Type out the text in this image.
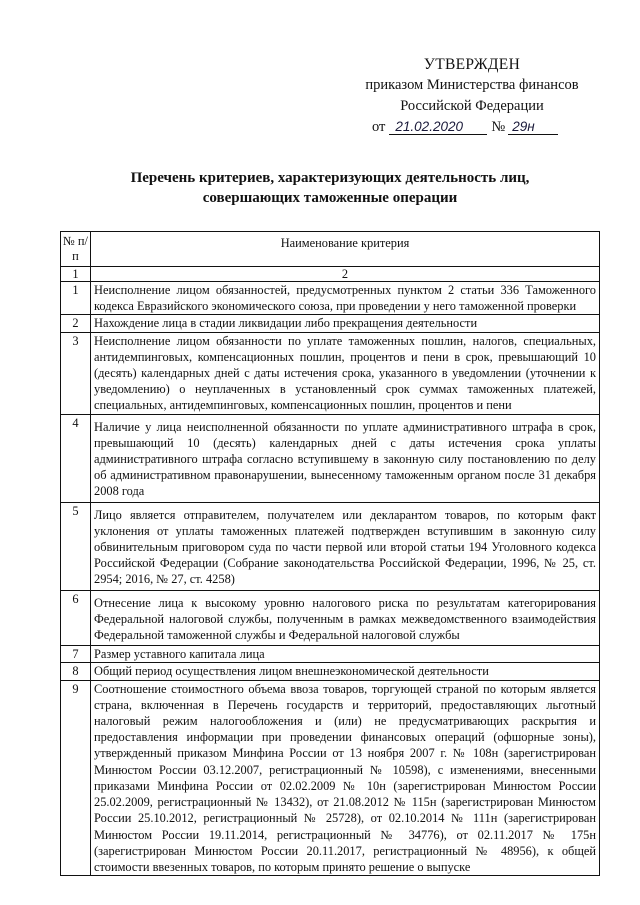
УТВЕРЖДЕН
приказом Министерства финансов
Российской Федерации
от 21.02.2020 № 29н
Перечень критериев, характеризующих деятельность лиц,
совершающих таможенные операции
№ п/п	Наименование критерия
1	2
1	Неисполнение лицом обязанностей, предусмотренных пунктом 2 статьи 336 Таможенного кодекса Евразийского экономического союза, при проведении у него таможенной проверки
2	Нахождение лица в стадии ликвидации либо прекращения деятельности
3	Неисполнение лицом обязанности по уплате таможенных пошлин, налогов, специальных, антидемпинговых, компенсационных пошлин, процентов и пени в срок, превышающий 10 (десять) календарных дней с даты истечения срока, указанного в уведомлении (уточнении к уведомлению) о неуплаченных в установленный срок суммах таможенных платежей, специальных, антидемпинговых, компенсационных пошлин, процентов и пени
4	Наличие у лица неисполненной обязанности по уплате административного штрафа в срок, превышающий 10 (десять) календарных дней с даты истечения срока уплаты административного штрафа согласно вступившему в законную силу постановлению по делу об административном правонарушении, вынесенному таможенным органом после 31 декабря 2008 года
5	Лицо является отправителем, получателем или декларантом товаров, по которым факт уклонения от уплаты таможенных платежей подтвержден вступившим в законную силу обвинительным приговором суда по части первой или второй статьи 194 Уголовного кодекса Российской Федерации (Собрание законодательства Российской Федерации, 1996, № 25, ст. 2954; 2016, № 27, ст. 4258)
6	Отнесение лица к высокому уровню налогового риска по результатам категорирования Федеральной налоговой службы, полученным в рамках межведомственного взаимодействия Федеральной таможенной службы и Федеральной налоговой службы
7	Размер уставного капитала лица
8	Общий период осуществления лицом внешнеэкономической деятельности
9	Соотношение стоимостного объема ввоза товаров, торгующей страной по которым является страна, включенная в Перечень государств и территорий, предоставляющих льготный налоговый режим налогообложения и (или) не предусматривающих раскрытия и предоставления информации при проведении финансовых операций (офшорные зоны), утвержденный приказом Минфина России от 13 ноября 2007 г. № 108н (зарегистрирован Минюстом России 03.12.2007, регистрационный № 10598), с изменениями, внесенными приказами Минфина России от 02.02.2009 № 10н (зарегистрирован Минюстом России 25.02.2009, регистрационный № 13432), от 21.08.2012 № 115н (зарегистрирован Минюстом России 25.10.2012, регистрационный № 25728), от 02.10.2014 № 111н (зарегистрирован Минюстом России 19.11.2014, регистрационный № 34776), от 02.11.2017 № 175н (зарегистрирован Минюстом России 20.11.2017, регистрационный № 48956), к общей стоимости ввезенных товаров, по которым принято решение о выпуске
